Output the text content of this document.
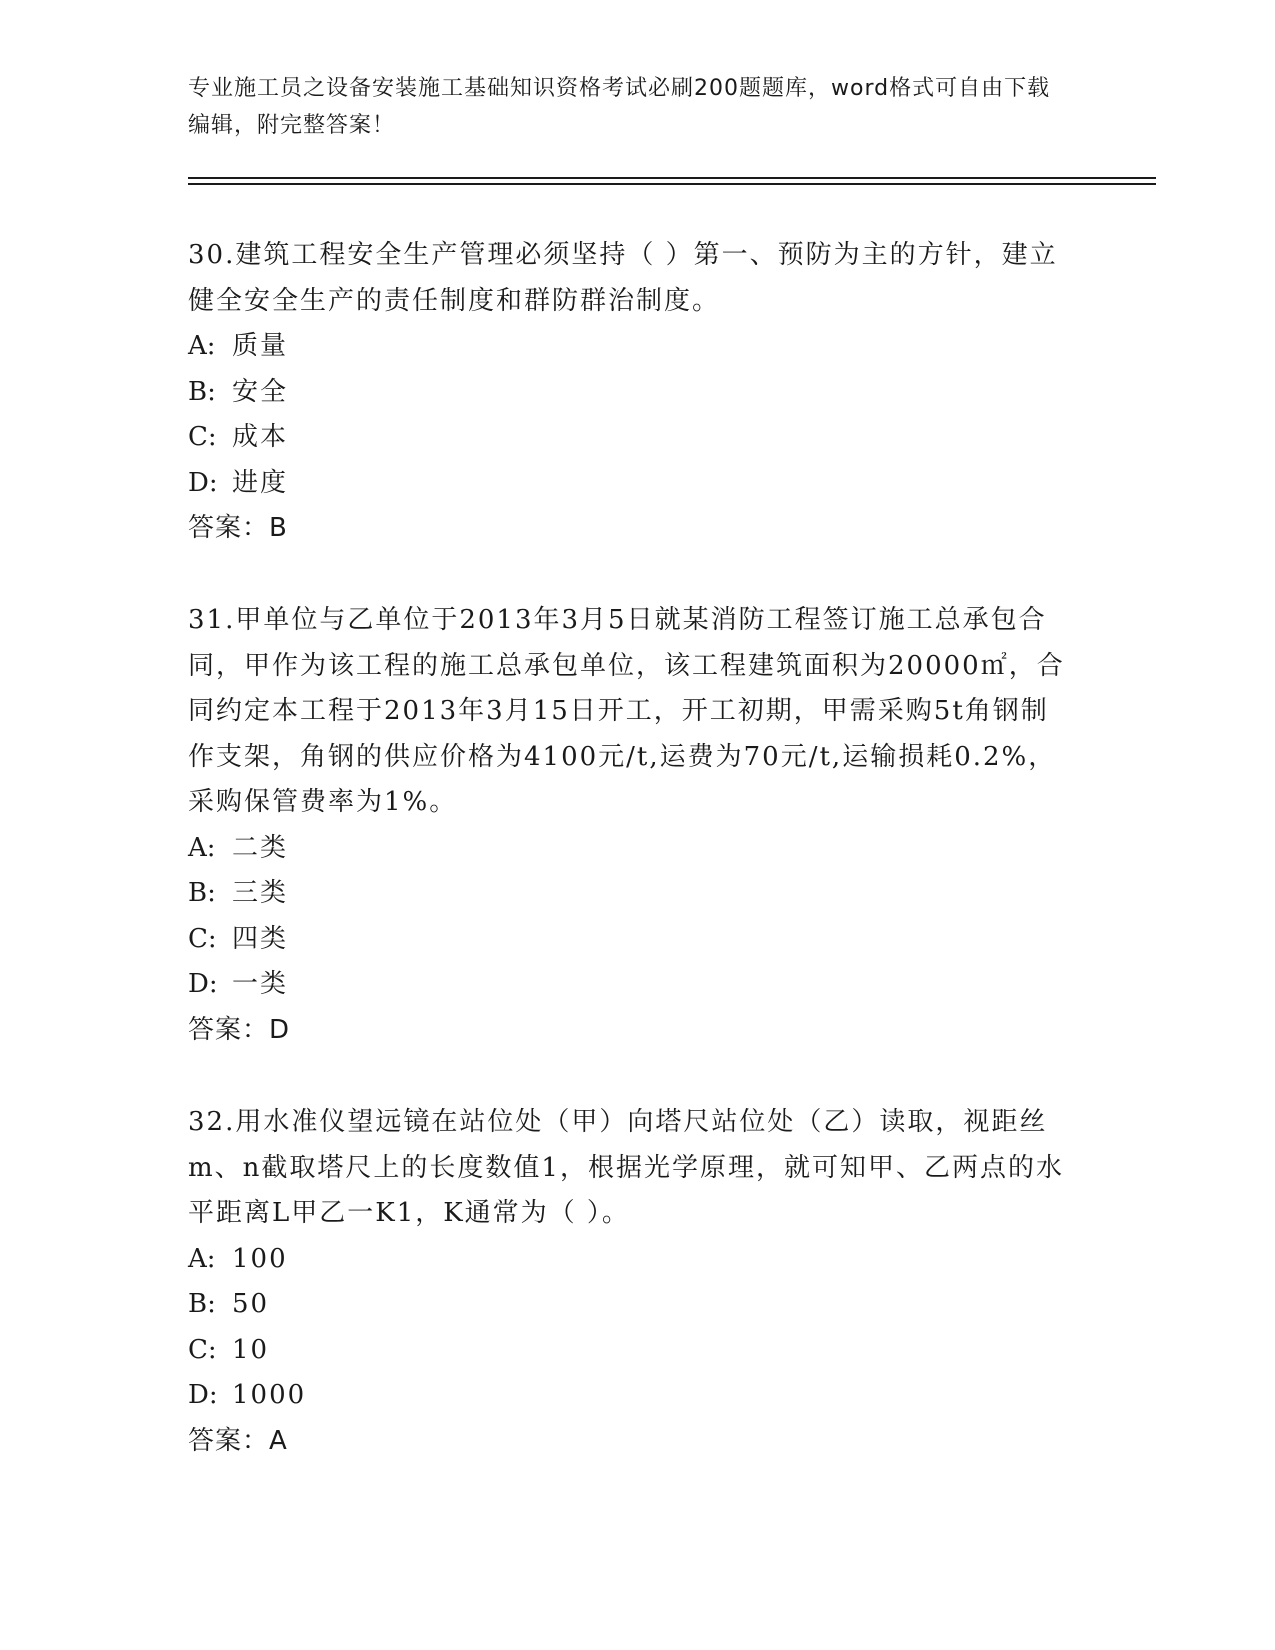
专业施工员之设备安装施工基础知识资格考试必刷200题题库，word格式可自由下载编辑，附完整答案！

30.建筑工程安全生产管理必须坚持（ ）第一、预防为主的方针，建立健全安全生产的责任制度和群防群治制度。

A: 质量

B: 安全

C: 成本

D: 进度

答案：B

31.甲单位与乙单位于2013年3月5日就某消防工程签订施工总承包合同，甲作为该工程的施工总承包单位，该工程建筑面积为20000㎡，合同约定本工程于2013年3月15日开工，开工初期，甲需采购5t角钢制作支架，角钢的供应价格为4100元/t,运费为70元/t,运输损耗0.2%，采购保管费率为1%。

A: 二类

B: 三类

C: 四类

D: 一类

答案：D

32.用水准仪望远镜在站位处（甲）向塔尺站位处（乙）读取，视距丝m、n截取塔尺上的长度数值1，根据光学原理，就可知甲、乙两点的水平距离L甲乙一K1，K通常为（ ）。

A: 100

B: 50

C: 10

D: 1000

答案：A
